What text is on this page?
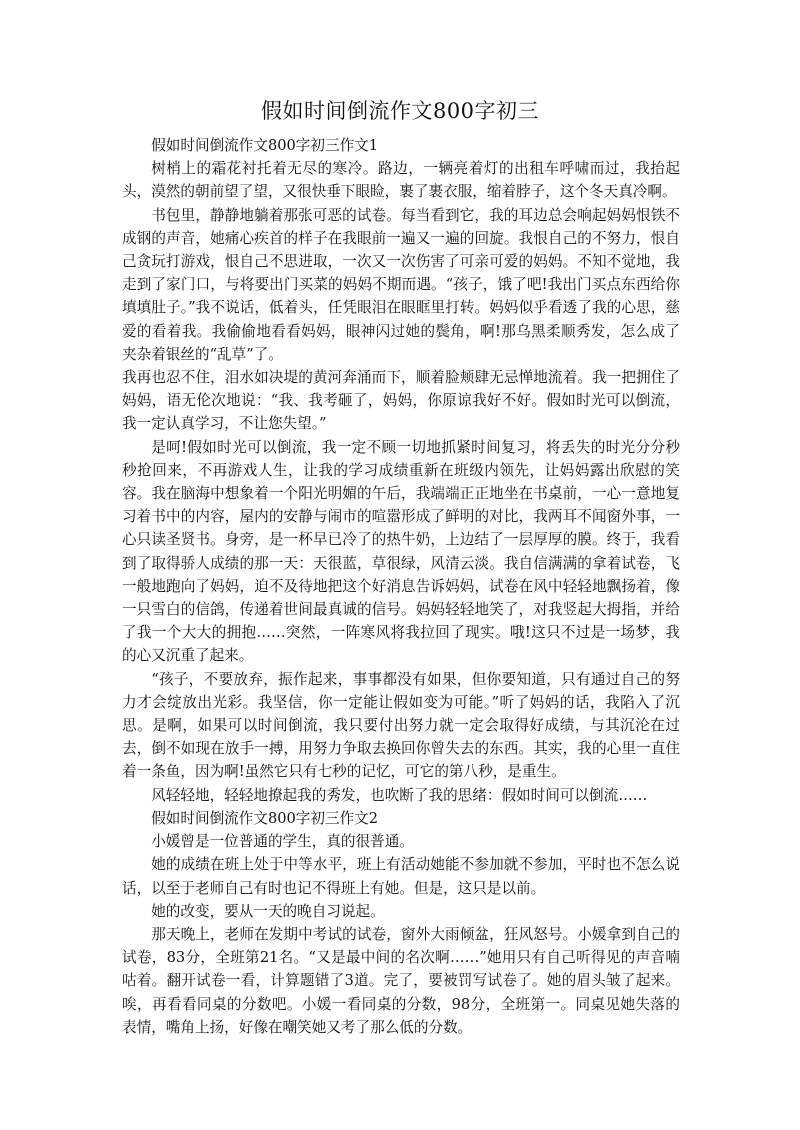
假如时间倒流作文800字初三

假如时间倒流作文800字初三作文1

树梢上的霜花衬托着无尽的寒冷。路边，一辆亮着灯的出租车呼啸而过，我抬起头，漠然的朝前望了望，又很快垂下眼睑，裹了裹衣服，缩着脖子，这个冬天真冷啊。

书包里，静静地躺着那张可恶的试卷。每当看到它，我的耳边总会响起妈妈恨铁不成钢的声音，她痛心疾首的样子在我眼前一遍又一遍的回旋。我恨自己的不努力，恨自己贪玩打游戏，恨自己不思进取，一次又一次伤害了可亲可爱的妈妈。不知不觉地，我走到了家门口，与将要出门买菜的妈妈不期而遇。“孩子，饿了吧!我出门买点东西给你填填肚子。”我不说话，低着头，任凭眼泪在眼眶里打转。妈妈似乎看透了我的心思，慈爱的看着我。我偷偷地看看妈妈，眼神闪过她的鬓角，啊!那乌黑柔顺秀发，怎么成了夹杂着银丝的“乱草”了。

我再也忍不住，泪水如决堤的黄河奔涌而下，顺着脸颊肆无忌惮地流着。我一把拥住了妈妈，语无伦次地说：“我、我考砸了，妈妈，你原谅我好不好。假如时光可以倒流，我一定认真学习，不让您失望。”

是呵!假如时光可以倒流，我一定不顾一切地抓紧时间复习，将丢失的时光分分秒秒抢回来，不再游戏人生，让我的学习成绩重新在班级内领先，让妈妈露出欣慰的笑容。我在脑海中想象着一个阳光明媚的午后，我端端正正地坐在书桌前，一心一意地复习着书中的内容，屋内的安静与闹市的喧嚣形成了鲜明的对比，我两耳不闻窗外事，一心只读圣贤书。身旁，是一杯早已冷了的热牛奶，上边结了一层厚厚的膜。终于，我看到了取得骄人成绩的那一天：天很蓝，草很绿，风清云淡。我自信满满的拿着试卷，飞一般地跑向了妈妈，迫不及待地把这个好消息告诉妈妈，试卷在风中轻轻地飘扬着，像一只雪白的信鸽，传递着世间最真诚的信号。妈妈轻轻地笑了，对我竖起大拇指，并给了我一个大大的拥抱……突然，一阵寒风将我拉回了现实。哦!这只不过是一场梦，我的心又沉重了起来。

“孩子，不要放弃，振作起来，事事都没有如果，但你要知道，只有通过自己的努力才会绽放出光彩。我坚信，你一定能让假如变为可能。”听了妈妈的话，我陷入了沉思。是啊，如果可以时间倒流，我只要付出努力就一定会取得好成绩，与其沉沦在过去，倒不如现在放手一搏，用努力争取去换回你曾失去的东西。其实，我的心里一直住着一条鱼，因为啊!虽然它只有七秒的记忆，可它的第八秒，是重生。

风轻轻地，轻轻地撩起我的秀发，也吹断了我的思绪：假如时间可以倒流……

假如时间倒流作文800字初三作文2

小媛曾是一位普通的学生，真的很普通。

她的成绩在班上处于中等水平，班上有活动她能不参加就不参加，平时也不怎么说话，以至于老师自己有时也记不得班上有她。但是，这只是以前。

她的改变，要从一天的晚自习说起。

那天晚上，老师在发期中考试的试卷，窗外大雨倾盆，狂风怒号。小媛拿到自己的试卷，83分，全班第21名。“又是最中间的名次啊……”她用只有自己听得见的声音喃咕着。翻开试卷一看，计算题错了3道。完了，要被罚写试卷了。她的眉头皱了起来。唉，再看看同桌的分数吧。小媛一看同桌的分数，98分，全班第一。同桌见她失落的表情，嘴角上扬，好像在嘲笑她又考了那么低的分数。
